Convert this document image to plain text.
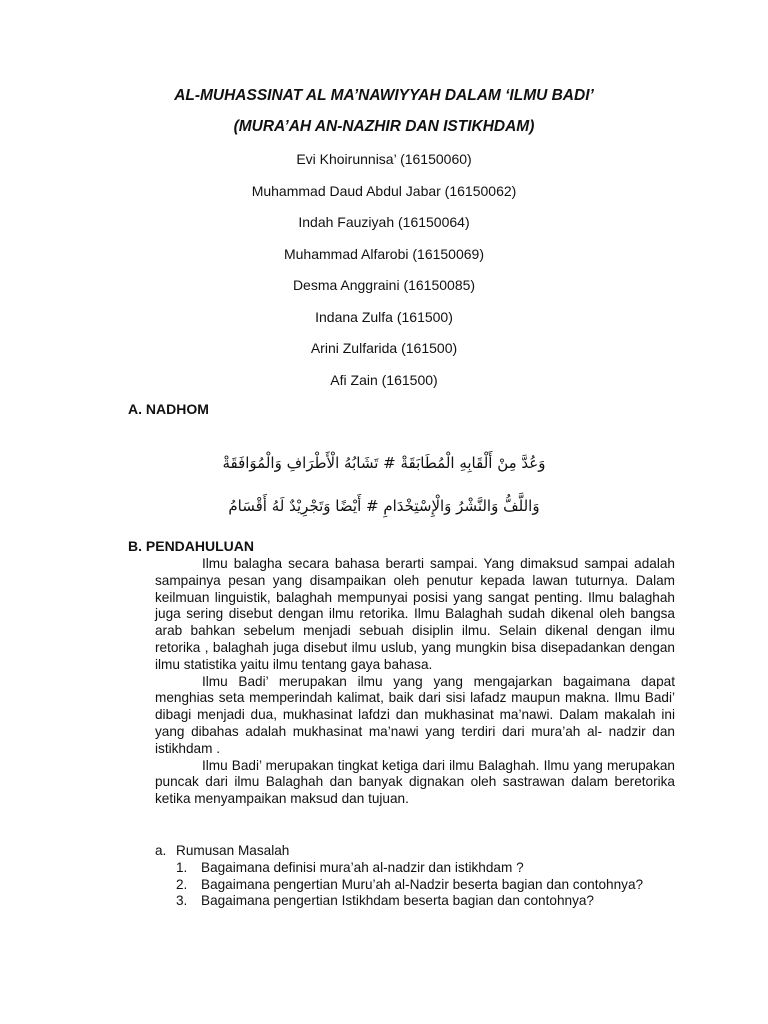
AL-MUHASSINAT AL MA’NAWIYYAH DALAM ‘ILMU BADI’
(MURA’AH AN-NAZHIR DAN ISTIKHDAM)
Evi Khoirunnisa’ (16150060)
Muhammad Daud Abdul Jabar (16150062)
Indah Fauziyah (16150064)
Muhammad Alfarobi (16150069)
Desma Anggraini (16150085)
Indana Zulfa (161500)
Arini Zulfarida (161500)
Afi Zain (161500)
A. NADHOM
وَعُدَّ مِنْ أَلْقَابِهِ الْمُطَابَقَةْ # تَشَابُهُ الْأَطْرَافِ وَالْمُوَافَقَةْ
وَاللَّفُّ وَالنَّشْرُ وَالْإِسْتِخْدَامِ # أَيْضًا وَتَجْرِيْدٌ لَهُ أَقْسَامُ
B. PENDAHULUAN

Ilmu balagha secara bahasa berarti sampai. Yang dimaksud sampai adalah sampainya pesan yang disampaikan oleh penutur kepada lawan tuturnya. Dalam keilmuan linguistik, balaghah mempunyai posisi yang sangat penting. Ilmu balaghah juga sering disebut dengan ilmu retorika. Ilmu Balaghah sudah dikenal oleh bangsa arab bahkan sebelum menjadi sebuah disiplin ilmu. Selain dikenal dengan ilmu retorika , balaghah juga disebut ilmu uslub, yang mungkin bisa disepadankan dengan ilmu statistika yaitu ilmu tentang gaya bahasa.

Ilmu Badi’ merupakan ilmu yang yang mengajarkan bagaimana dapat menghias seta memperindah kalimat, baik dari sisi lafadz maupun makna. Ilmu Badi’ dibagi menjadi dua, mukhasinat lafdzi dan mukhasinat ma’nawi. Dalam makalah ini yang dibahas adalah mukhasinat ma’nawi yang terdiri dari mura’ah al- nadzir dan istikhdam .

Ilmu Badi’ merupakan tingkat ketiga dari ilmu Balaghah. Ilmu yang merupakan puncak dari ilmu Balaghah dan banyak dignakan oleh sastrawan dalam beretorika ketika menyampaikan maksud dan tujuan.

a. Rumusan Masalah
1.	Bagaimana definisi mura’ah al-nadzir dan istikhdam ?
2.	Bagaimana pengertian Muru’ah al-Nadzir beserta bagian dan contohnya?
3.	Bagaimana pengertian Istikhdam beserta bagian dan contohnya?
